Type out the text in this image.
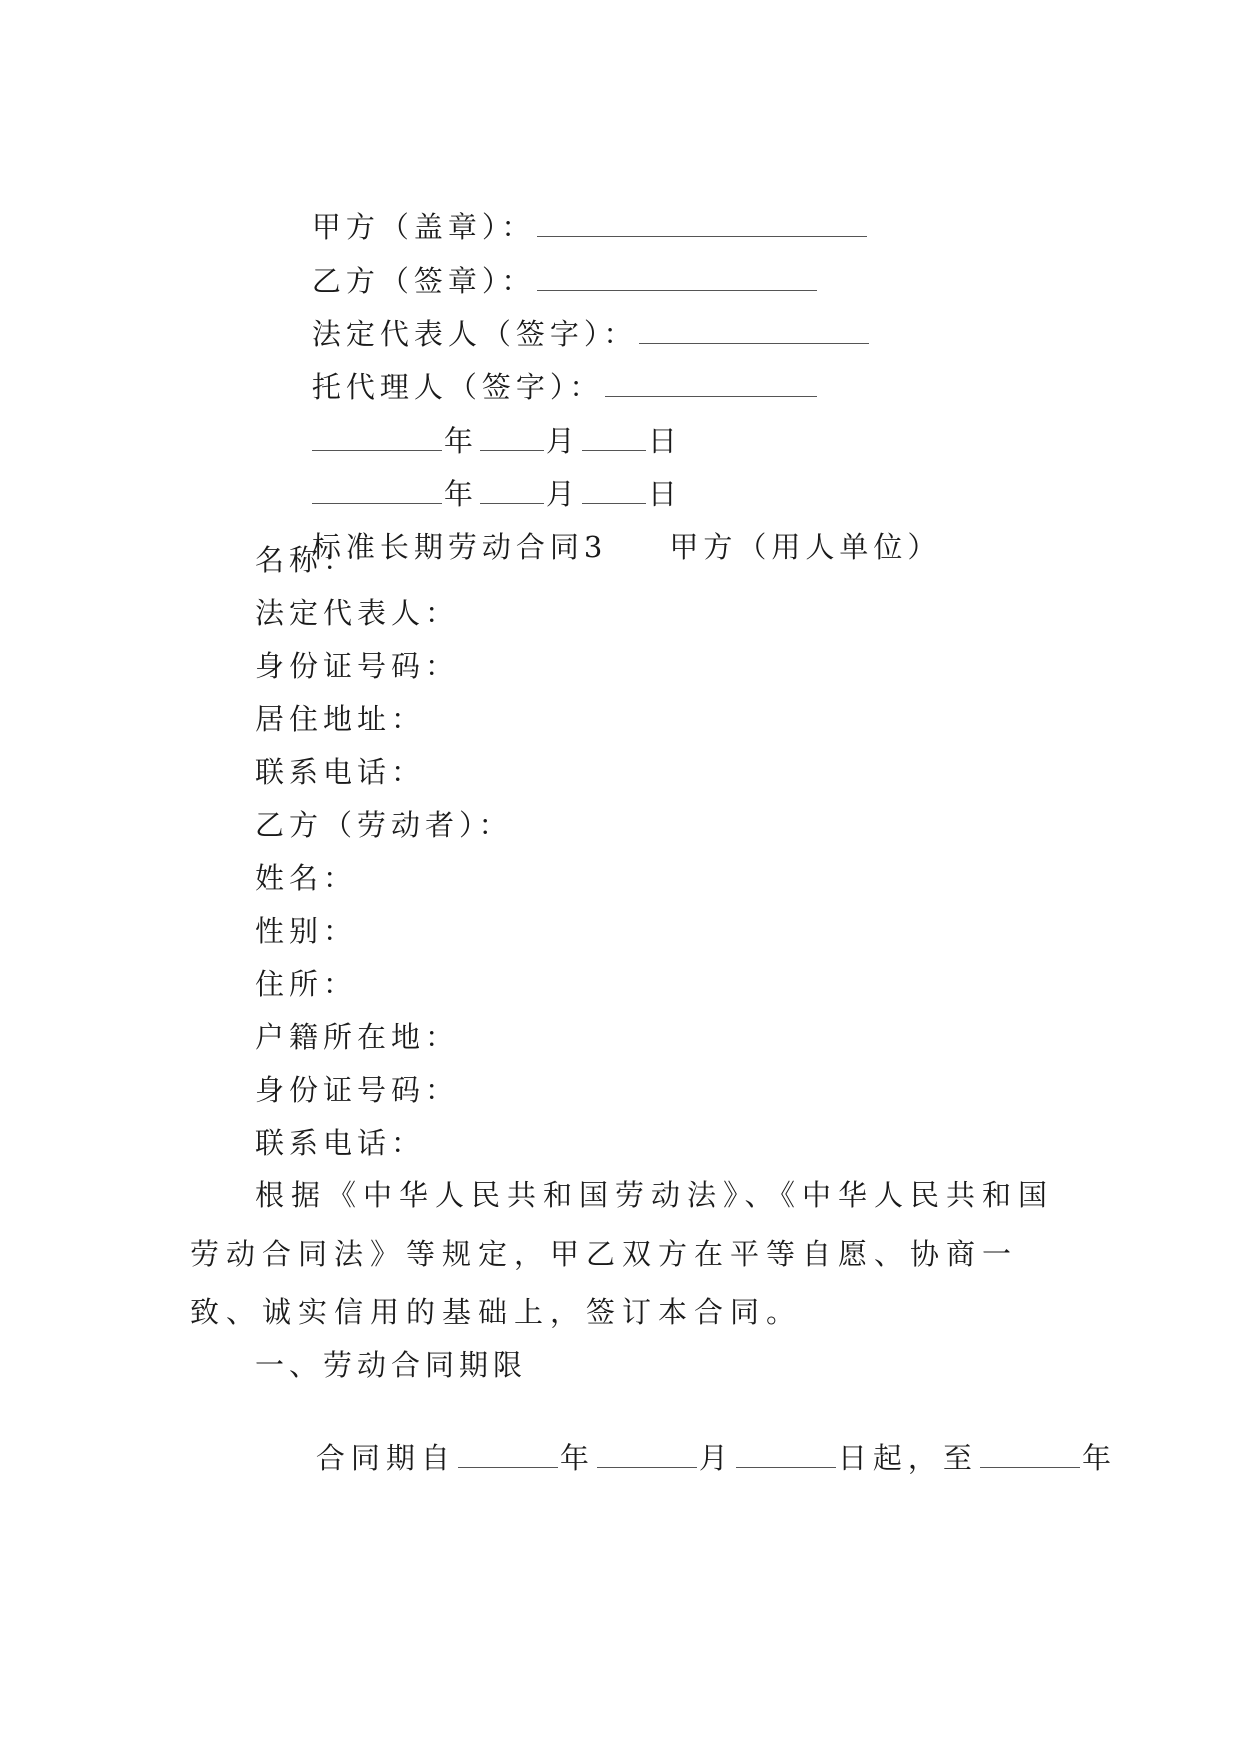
甲方（盖章）：

乙方（签章）：

法定代表人（签字）：

托代理人（签字）：

年 月 日

年 月 日

标准长期劳动合同3 甲方（用人单位）

名称：
法定代表人：
身份证号码：
居住地址：
联系电话：
乙方（劳动者）：
姓名：
性别：
住所：
户籍所在地：
身份证号码：
联系电话：
根据《中华人民共和国劳动法》、《中华人民共和国劳动合同法》等规定，甲乙双方在平等自愿、协商一致、诚实信用的基础上，签订本合同。
一、劳动合同期限

合同期自	年	月	日起，至	年
